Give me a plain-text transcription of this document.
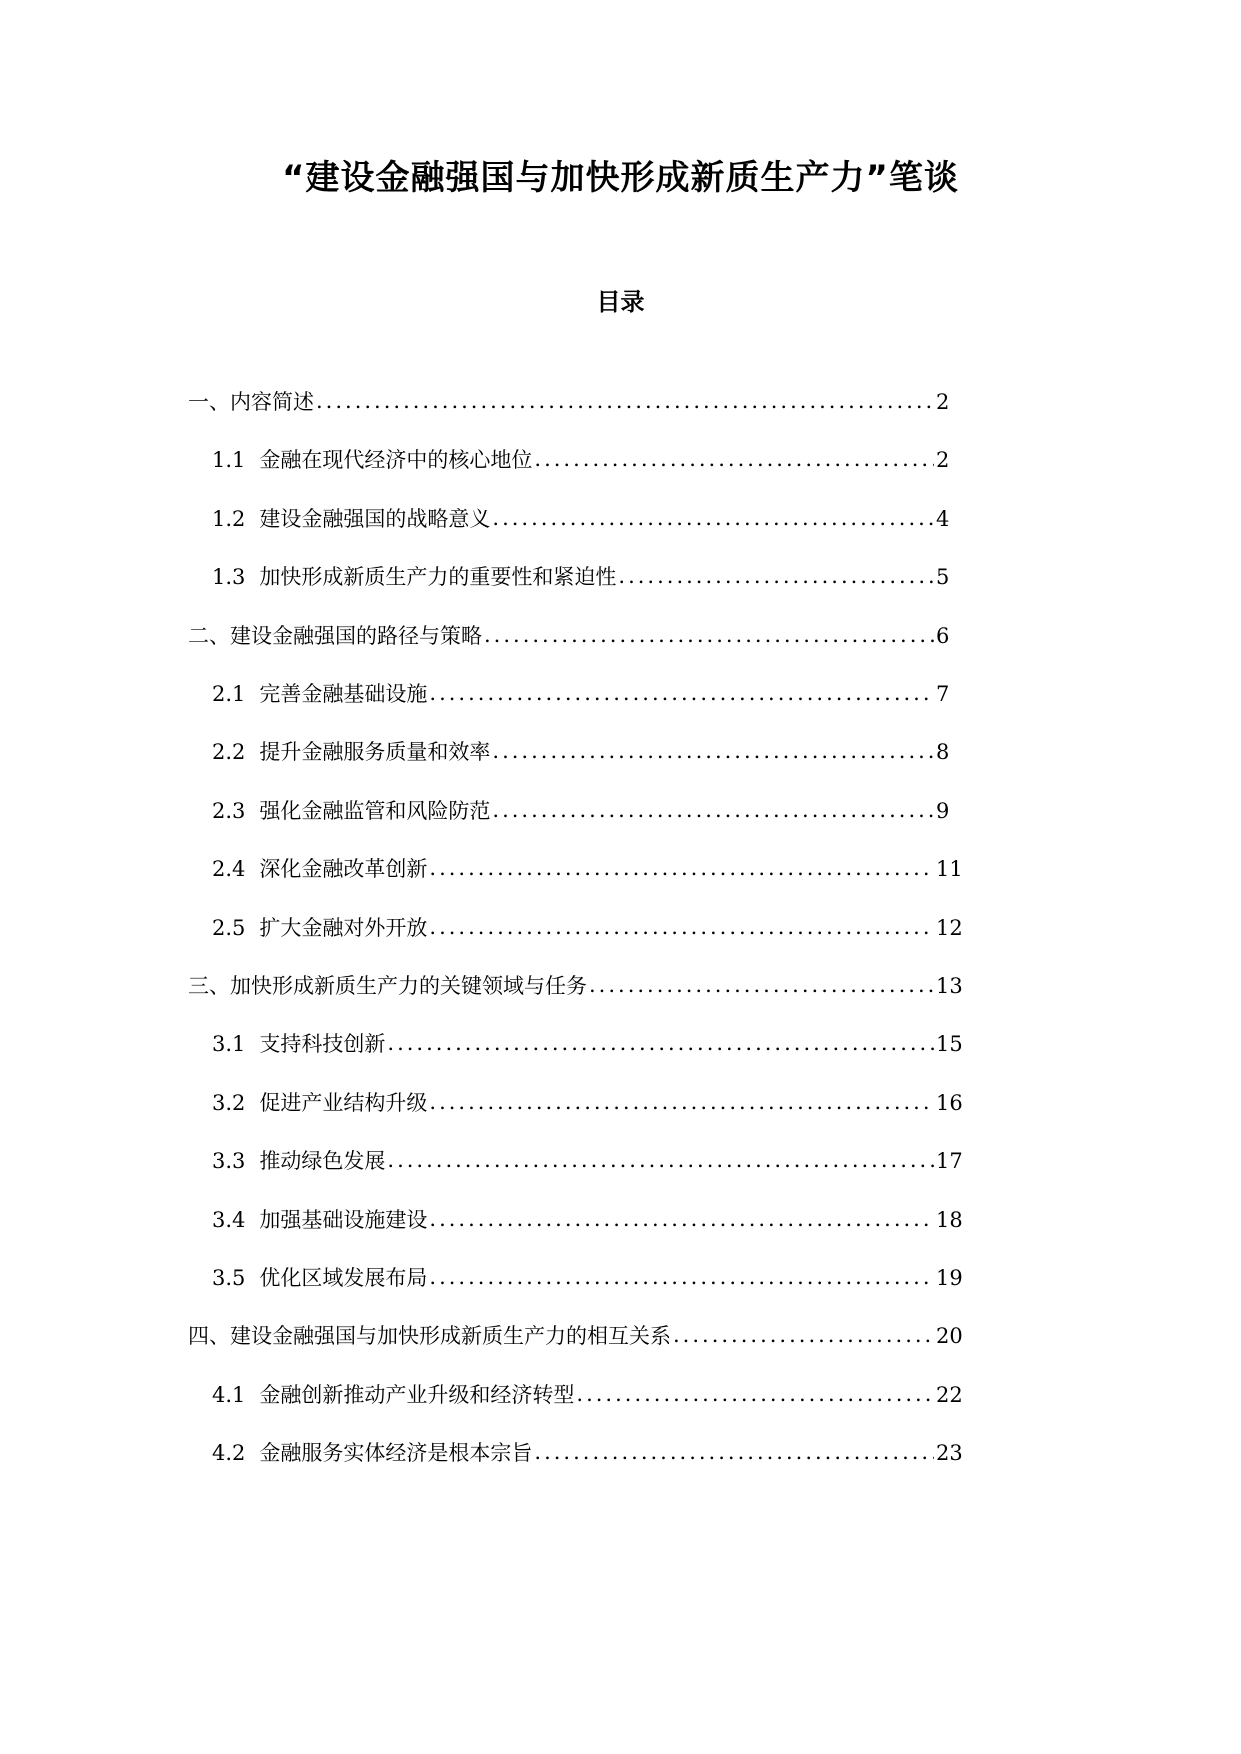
“建设金融强国与加快形成新质生产力”笔谈
目录
一、内容简述 .....	2
1.1 金融在现代经济中的核心地位 .....	2
1.2 建设金融强国的战略意义 .....	4
1.3 加快形成新质生产力的重要性和紧迫性 .....	5
二、建设金融强国的路径与策略 .....	6
2.1 完善金融基础设施 .....	7
2.2 提升金融服务质量和效率 .....	8
2.3 强化金融监管和风险防范 .....	9
2.4 深化金融改革创新 .....	11
2.5 扩大金融对外开放 .....	12
三、加快形成新质生产力的关键领域与任务 .....	13
3.1 支持科技创新 .....	15
3.2 促进产业结构升级 .....	16
3.3 推动绿色发展 .....	17
3.4 加强基础设施建设 .....	18
3.5 优化区域发展布局 .....	19
四、建设金融强国与加快形成新质生产力的相互关系 .....	20
4.1 金融创新推动产业升级和经济转型 .....	22
4.2 金融服务实体经济是根本宗旨 .....	23
